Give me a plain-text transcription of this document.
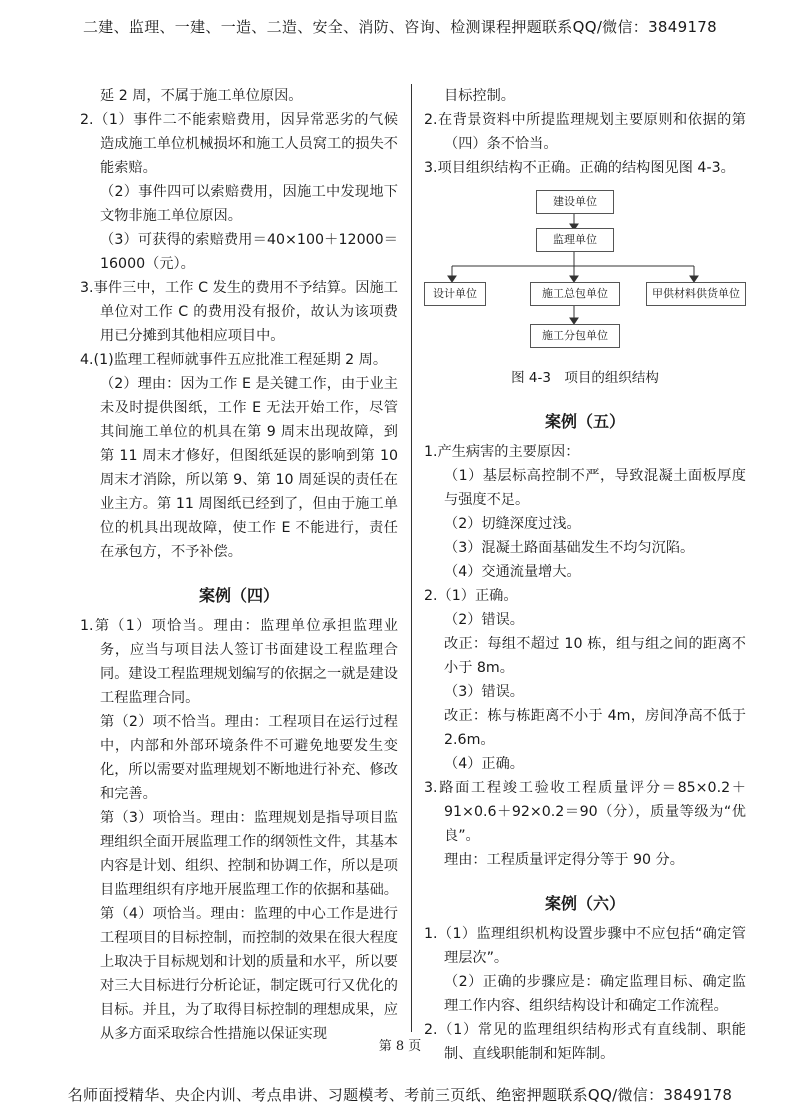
二建、监理、一建、一造、二造、安全、消防、咨询、检测课程押题联系QQ/微信：3849178

延 2 周，不属于施工单位原因。

2.（1）事件二不能索赔费用，因异常恶劣的气候造成施工单位机械损坏和施工人员窝工的损失不能索赔。

（2）事件四可以索赔费用，因施工中发现地下文物非施工单位原因。

（3）可获得的索赔费用＝40×100＋12000＝16000（元）。

3.事件三中，工作 C 发生的费用不予结算。因施工单位对工作 C 的费用没有报价，故认为该项费用已分摊到其他相应项目中。

4.(1)监理工程师就事件五应批准工程延期 2 周。

（2）理由：因为工作 E 是关键工作，由于业主未及时提供图纸，工作 E 无法开始工作，尽管其间施工单位的机具在第 9 周末出现故障，到第 11 周末才修好，但图纸延误的影响到第 10 周末才消除，所以第 9、第 10 周延误的责任在业主方。第 11 周图纸已经到了，但由于施工单位的机具出现故障，使工作 E 不能进行，责任在承包方，不予补偿。

案例（四）

1.第（1）项恰当。理由：监理单位承担监理业务，应当与项目法人签订书面建设工程监理合同。建设工程监理规划编写的依据之一就是建设工程监理合同。

第（2）项不恰当。理由：工程项目在运行过程中，内部和外部环境条件不可避免地要发生变化，所以需要对监理规划不断地进行补充、修改和完善。

第（3）项恰当。理由：监理规划是指导项目监理组织全面开展监理工作的纲领性文件，其基本内容是计划、组织、控制和协调工作，所以是项目监理组织有序地开展监理工作的依据和基础。

第（4）项恰当。理由：监理的中心工作是进行工程项目的目标控制，而控制的效果在很大程度上取决于目标规划和计划的质量和水平，所以要对三大目标进行分析论证，制定既可行又优化的目标。并且，为了取得目标控制的理想成果，应从多方面采取综合性措施以保证实现

目标控制。

2.在背景资料中所提监理规划主要原则和依据的第（四）条不恰当。

3.项目组织结构不正确。正确的结构图见图 4-3。

建设单位
监理单位
设计单位	施工总包单位	甲供材料供货单位
施工分包单位

图 4-3　项目的组织结构

案例（五）

1.产生病害的主要原因：

（1）基层标高控制不严，导致混凝土面板厚度与强度不足。

（2）切缝深度过浅。

（3）混凝土路面基础发生不均匀沉陷。

（4）交通流量增大。

2.（1）正确。

（2）错误。

改正：每组不超过 10 栋，组与组之间的距离不小于 8m。

（3）错误。

改正：栋与栋距离不小于 4m，房间净高不低于 2.6m。

（4）正确。

3.路面工程竣工验收工程质量评分＝85×0.2＋91×0.6＋92×0.2＝90（分），质量等级为“优良”。

理由：工程质量评定得分等于 90 分。

案例（六）

1.（1）监理组织机构设置步骤中不应包括“确定管理层次”。

（2）正确的步骤应是：确定监理目标、确定监理工作内容、组织结构设计和确定工作流程。

2.（1）常见的监理组织结构形式有直线制、职能制、直线职能制和矩阵制。

第 8 页
名师面授精华、央企内训、考点串讲、习题模考、考前三页纸、绝密押题联系QQ/微信：3849178
